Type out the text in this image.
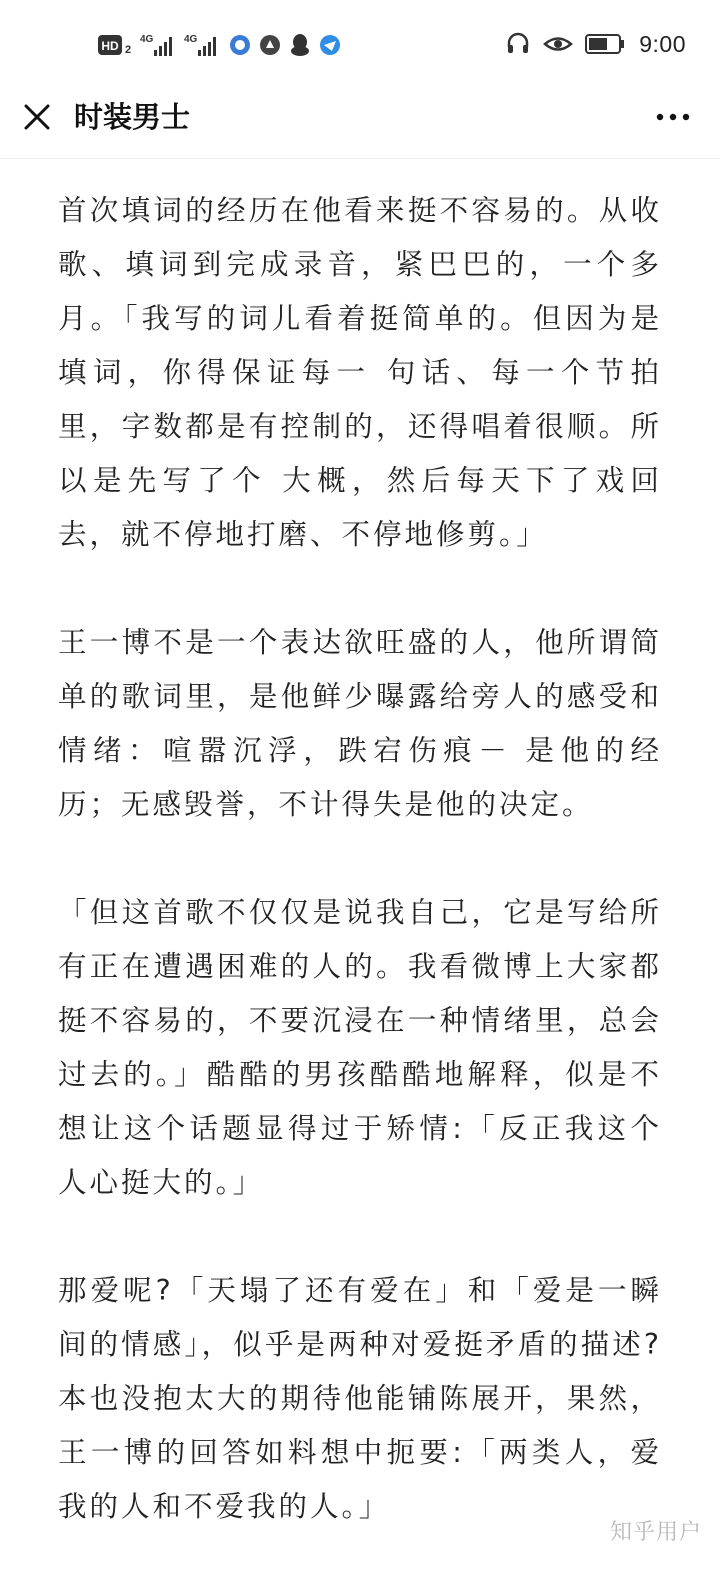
HD 2
4G	4G	9:00
时装男士

首次填词的经历在他看来挺不容易的。从收歌、填词到完成录音，紧巴巴的，一个多月。「我写的词儿看着挺简单的。但因为是填词，你得保证每一 句话、每一个节拍里，字数都是有控制的，还得唱着很顺。所以是先写了个 大概，然后每天下了戏回去，就不停地打磨、不停地修剪。」

王一博不是一个表达欲旺盛的人，他所谓简单的歌词里，是他鲜少曝露给旁人的感受和情绪：喧嚣沉浮，跌宕伤痕－ 是他的经历；无感毁誉，不计得失是他的决定。

「但这首歌不仅仅是说我自己，它是写给所有正在遭遇困难的人的。我看微博上大家都挺不容易的，不要沉浸在一种情绪里，总会过去的。」酷酷的男孩酷酷地解释，似是不想让这个话题显得过于矫情:「反正我这个人心挺大的。」

那爱呢?「天塌了还有爱在」和「爱是一瞬间的情感」，似乎是两种对爱挺矛盾的描述?本也没抱太大的期待他能铺陈展开，果然，王一博的回答如料想中扼要:「两类人，爱我的人和不爱我的人。」

知乎用户
